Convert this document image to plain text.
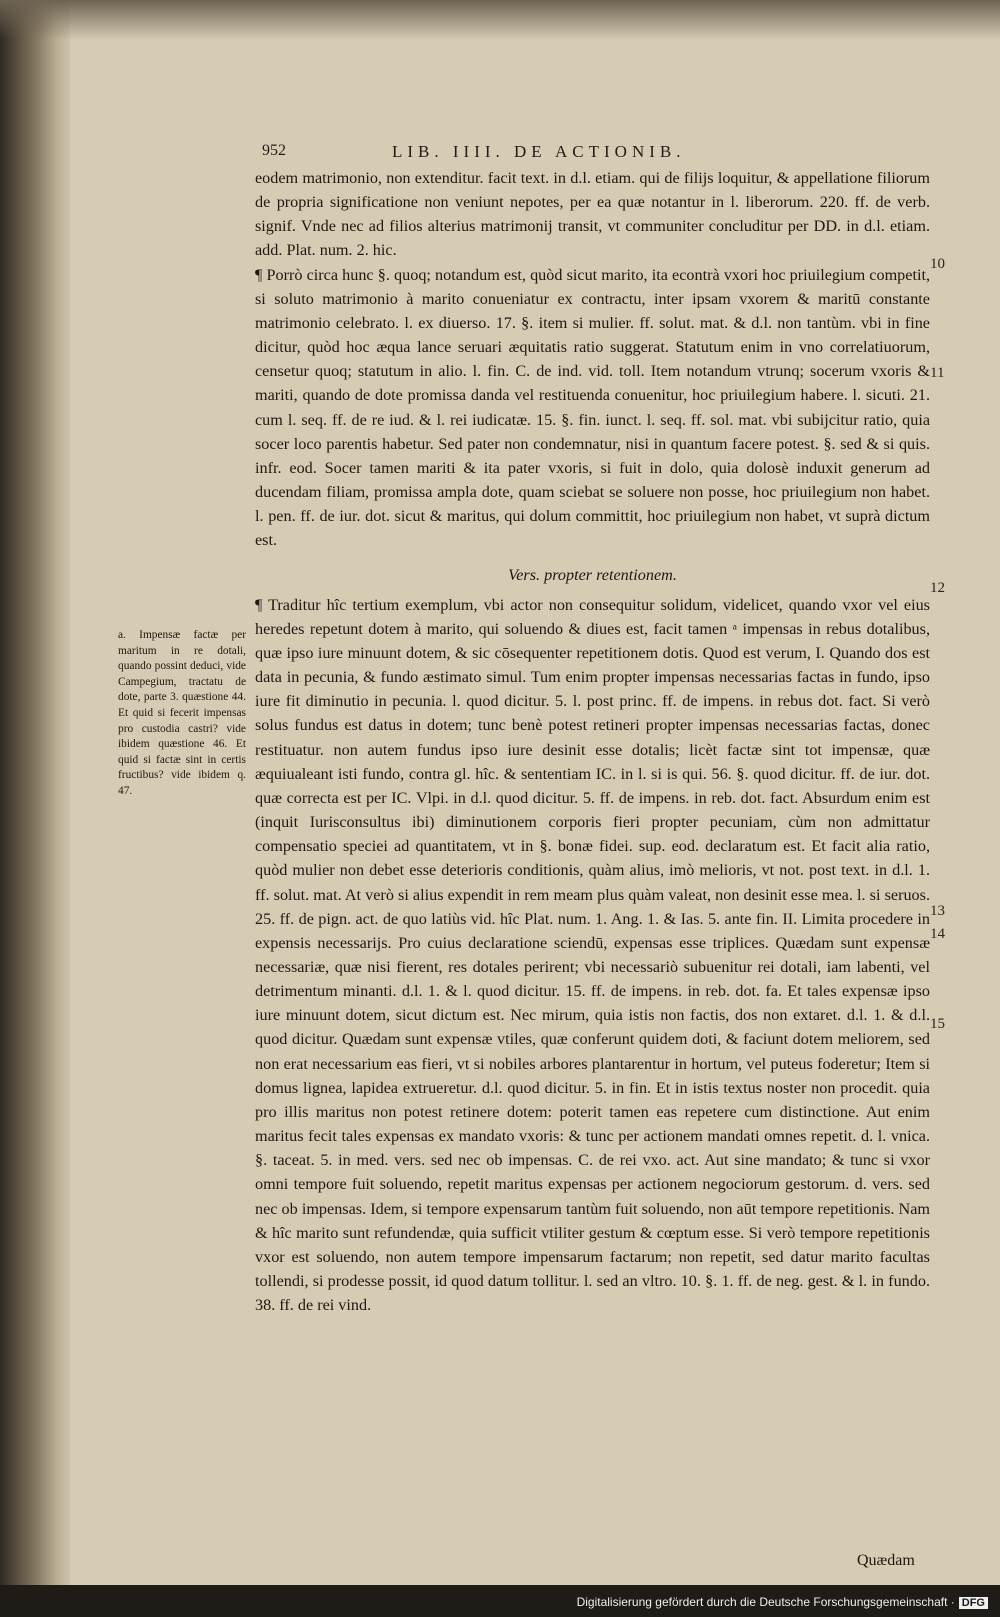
952	LIB. IIII. DE ACTIONIB.

eodem matrimonio, non extenditur. facit text. in d.l. etiam. qui de filijs loquitur, & appellatione filiorum de propria significatione non veniunt nepotes, per ea quæ notantur in l. liberorum. 220. ff. de verb. signif. Vnde nec ad filios alterius matrimonij transit, vt communiter concluditur per DD. in d.l. etiam. add. Plat. num. 2. hic.

¶ Porrò circa hunc §. quoq; notandum est, quòd sicut marito, ita econtrà vxori hoc priuilegium competit, si soluto matrimonio à marito conueniatur ex contractu, inter ipsam vxorem & maritū constante matrimonio celebrato. l. ex diuerso. 17. §. item si mulier. ff. solut. mat. & d.l. non tantùm. vbi in fine dicitur, quòd hoc æqua lance seruari æquitatis ratio suggerat. Statutum enim in vno correlatiuorum, censetur quoq; statutum in alio. l. fin. C. de ind. vid. toll. Item notandum vtrunq; socerum vxoris & mariti, quando de dote promissa danda vel restituenda conuenitur, hoc priuilegium habere. l. sicuti. 21. cum l. seq. ff. de re iud. & l. rei iudicatæ. 15. §. fin. iunct. l. seq. ff. sol. mat. vbi subijcitur ratio, quia socer loco parentis habetur. Sed pater non condemnatur, nisi in quantum facere potest. §. sed & si quis. infr. eod. Socer tamen mariti & ita pater vxoris, si fuit in dolo, quia dolosè induxit generum ad ducendam filiam, promissa ampla dote, quam sciebat se soluere non posse, hoc priuilegium non habet. l. pen. ff. de iur. dot. sicut & maritus, qui dolum committit, hoc priuilegium non habet, vt suprà dictum est.

Vers. propter retentionem.

¶ Traditur hîc tertium exemplum, vbi actor non consequitur solidum, videlicet, quando vxor vel eius heredes repetunt dotem à marito, qui soluendo & diues est, facit tamen ᵃ impensas in rebus dotalibus, quæ ipso iure minuunt dotem, & sic cōsequenter repetitionem dotis. Quod est verum, I. Quando dos est data in pecunia, & fundo æstimato simul. Tum enim propter impensas necessarias factas in fundo, ipso iure fit diminutio in pecunia. l. quod dicitur. 5. l. post princ. ff. de impens. in rebus dot. fact. Si verò solus fundus est datus in dotem; tunc benè potest retineri propter impensas necessarias factas, donec restituatur. non autem fundus ipso iure desinit esse dotalis; licèt factæ sint tot impensæ, quæ æquiualeant isti fundo, contra gl. hîc. & sententiam IC. in l. si is qui. 56. §. quod dicitur. ff. de iur. dot. quæ correcta est per IC. Vlpi. in d.l. quod dicitur. 5. ff. de impens. in reb. dot. fact. Absurdum enim est (inquit Iurisconsultus ibi) diminutionem corporis fieri propter pecuniam, cùm non admittatur compensatio speciei ad quantitatem, vt in §. bonæ fidei. sup. eod. declaratum est. Et facit alia ratio, quòd mulier non debet esse deterioris conditionis, quàm alius, imò melioris, vt not. post text. in d.l. 1. ff. solut. mat. At verò si alius expendit in rem meam plus quàm valeat, non desinit esse mea. l. si seruos. 25. ff. de pign. act. de quo latiùs vid. hîc Plat. num. 1. Ang. 1. & Ias. 5. ante fin. II. Limita procedere in expensis necessarijs. Pro cuius declaratione sciendū, expensas esse triplices. Quædam sunt expensæ necessariæ, quæ nisi fierent, res dotales perirent; vbi necessariò subuenitur rei dotali, iam labenti, vel detrimentum minanti. d.l. 1. & l. quod dicitur. 15. ff. de impens. in reb. dot. fa. Et tales expensæ ipso iure minuunt dotem, sicut dictum est. Nec mirum, quia istis non factis, dos non extaret. d.l. 1. & d.l. quod dicitur. Quædam sunt expensæ vtiles, quæ conferunt quidem doti, & faciunt dotem meliorem, sed non erat necessarium eas fieri, vt si nobiles arbores plantarentur in hortum, vel puteus foderetur; Item si domus lignea, lapidea extrueretur. d.l. quod dicitur. 5. in fin. Et in istis textus noster non procedit. quia pro illis maritus non potest retinere dotem: poterit tamen eas repetere cum distinctione. Aut enim maritus fecit tales expensas ex mandato vxoris: & tunc per actionem mandati omnes repetit. d. l. vnica. §. taceat. 5. in med. vers. sed nec ob impensas. C. de rei vxo. act. Aut sine mandato; & tunc si vxor omni tempore fuit soluendo, repetit maritus expensas per actionem negociorum gestorum. d. vers. sed nec ob impensas. Idem, si tempore expensarum tantùm fuit soluendo, non aūt tempore repetitionis. Nam & hîc marito sunt refundendæ, quia sufficit vtiliter gestum & cœptum esse. Si verò tempore repetitionis vxor est soluendo, non autem tempore impensarum factarum; non repetit, sed datur marito facultas tollendi, si prodesse possit, id quod datum tollitur. l. sed an vltro. 10. §. 1. ff. de neg. gest. & l. in fundo. 38. ff. de rei vind.

10
11
12
13
14
15
a. Impensæ factæ per maritum in re dotali, quando possint deduci, vide Campegium, tractatu de dote, parte 3. quæstione 44. Et quid si fecerit impensas pro custodia castri? vide ibidem quæstione 46. Et quid si factæ sint in certis fructibus? vide ibidem q. 47.
Quædam
Digitalisierung gefördert durch die Deutsche Forschungsgemeinschaft · DFG
